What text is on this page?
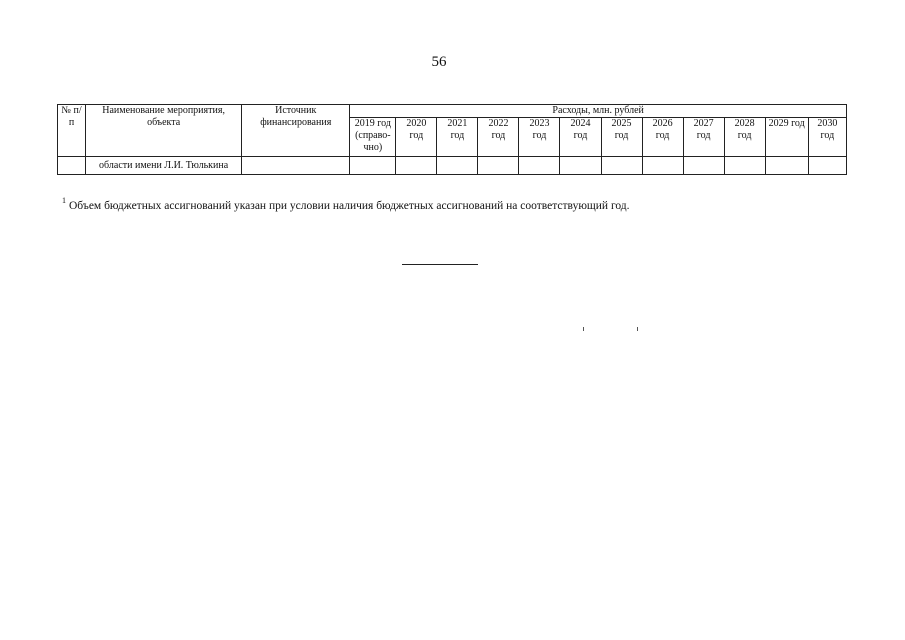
56
№ п/п	Наименование мероприятия, объекта	Источник финансирования	Расходы, млн. рублей											
			2019 год (справо-чно)	2020 год	2021 год	2022 год	2023 год	2024 год	2025 год	2026 год	2027 год	2028 год	2029 год	2030 год
	области имени Л.И. Тюлькина													
$^1$ Объем бюджетных ассигнований указан при условии наличия бюджетных ассигнований на соответствующий год.
